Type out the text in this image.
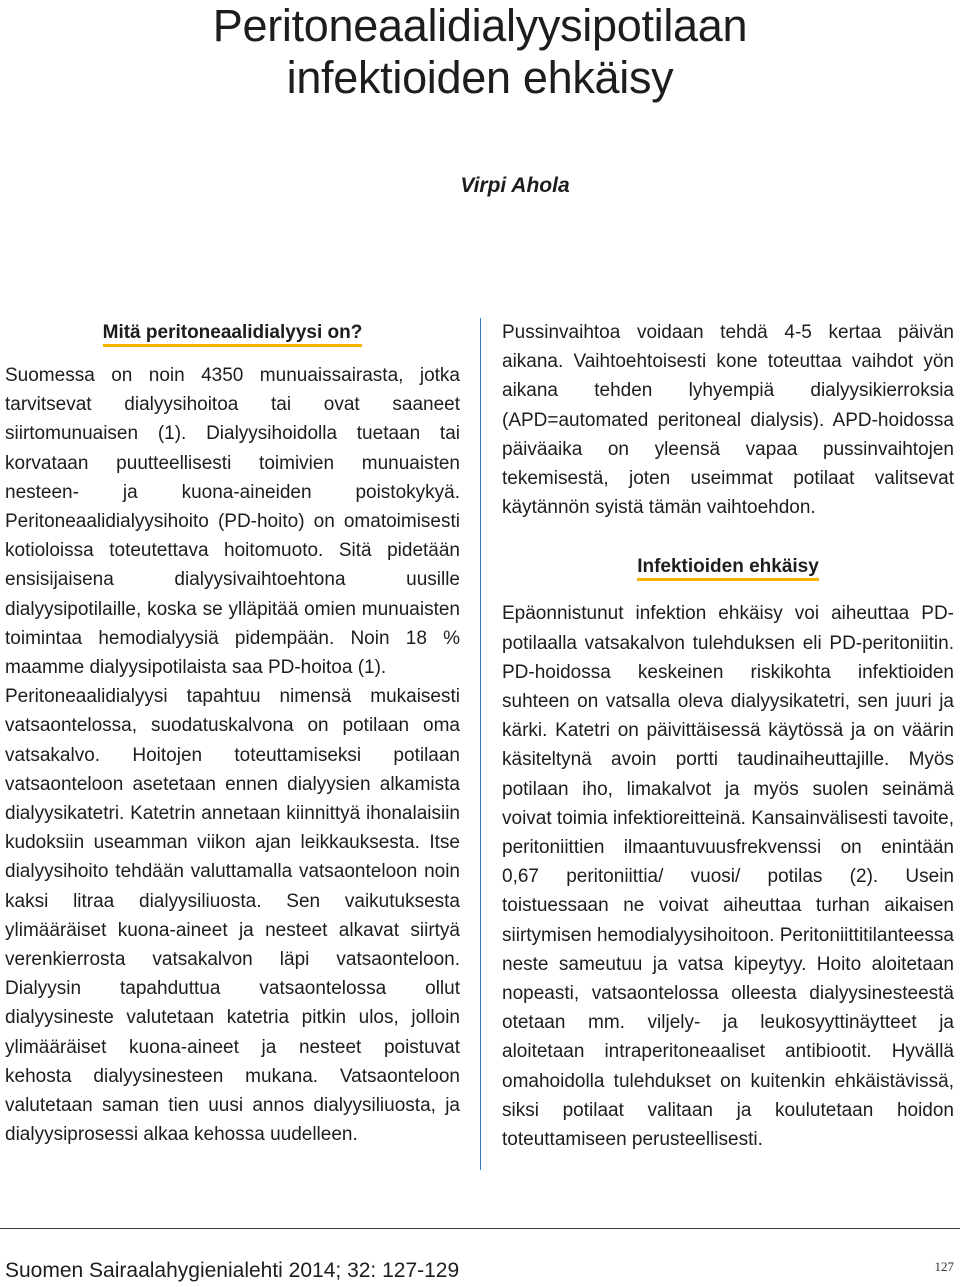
Peritoneaalidialyysipotilaan
infektioiden ehkäisy
Virpi Ahola
Mitä peritoneaalidialyysi on?

Suomessa on noin 4350 munuaissairasta, jotka tarvitsevat dialyysihoitoa tai ovat saaneet siirtomunuaisen (1). Dialyysihoidolla tuetaan tai korvataan puutteellisesti toimivien munuaisten nesteen- ja kuona-aineiden poistokykyä. Peritoneaalidialyysihoito (PD-hoito) on omatoimisesti kotioloissa toteutettava hoitomuoto. Sitä pidetään ensisijaisena dialyysivaihtoehtona uusille dialyysipotilaille, koska se ylläpitää omien munuaisten toimintaa hemodialyysiä pidempään. Noin 18 % maamme dialyysipotilaista saa PD-hoitoa (1).

Peritoneaalidialyysi tapahtuu nimensä mukaisesti vatsaontelossa, suodatuskalvona on potilaan oma vatsakalvo. Hoitojen toteuttamiseksi potilaan vatsaonteloon asetetaan ennen dialyysien alkamista dialyysikatetri. Katetrin annetaan kiinnittyä ihonalaisiin kudoksiin useamman viikon ajan leikkauksesta. Itse dialyysihoito tehdään valuttamalla vatsaonteloon noin kaksi litraa dialyysiliuosta. Sen vaikutuksesta ylimääräiset kuona-aineet ja nesteet alkavat siirtyä verenkierrosta vatsakalvon läpi vatsaonteloon. Dialyysin tapahduttua vatsaontelossa ollut dialyysineste valutetaan katetria pitkin ulos, jolloin ylimääräiset kuona-aineet ja nesteet poistuvat kehosta dialyysinesteen mukana. Vatsaonteloon valutetaan saman tien uusi annos dialyysiliuosta, ja dialyysiprosessi alkaa kehossa uudelleen.

Pussinvaihtoa voidaan tehdä 4-5 kertaa päivän aikana. Vaihtoehtoisesti kone toteuttaa vaihdot yön aikana tehden lyhyempiä dialyysikierroksia (APD=automated peritoneal dialysis). APD-hoidossa päiväaika on yleensä vapaa pussinvaihtojen tekemisestä, joten useimmat potilaat valitsevat käytännön syistä tämän vaihtoehdon.

Infektioiden ehkäisy

Epäonnistunut infektion ehkäisy voi aiheuttaa PD-potilaalla vatsakalvon tulehduksen eli PD-peritoniitin. PD-hoidossa keskeinen riskikohta infektioiden suhteen on vatsalla oleva dialyysikatetri, sen juuri ja kärki. Katetri on päivittäisessä käytössä ja on väärin käsiteltynä avoin portti taudinaiheuttajille. Myös potilaan iho, limakalvot ja myös suolen seinämä voivat toimia infektioreitteinä. Kansainvälisesti tavoite, peritoniittien ilmaantuvuusfrekvenssi on enintään 0,67 peritoniittia/ vuosi/ potilas (2). Usein toistuessaan ne voivat aiheuttaa turhan aikaisen siirtymisen hemodialyysihoitoon. Peritoniittitilanteessa neste sameutuu ja vatsa kipeytyy. Hoito aloitetaan nopeasti, vatsaontelossa olleesta dialyysinesteestä otetaan mm. viljely- ja leukosyyttinäytteet ja aloitetaan intraperitoneaaliset antibiootit. Hyvällä omahoidolla tulehdukset on kuitenkin ehkäistävissä, siksi potilaat valitaan ja koulutetaan hoidon toteuttamiseen perusteellisesti.

Suomen Sairaalahygienialehti 2014; 32: 127-129	127
